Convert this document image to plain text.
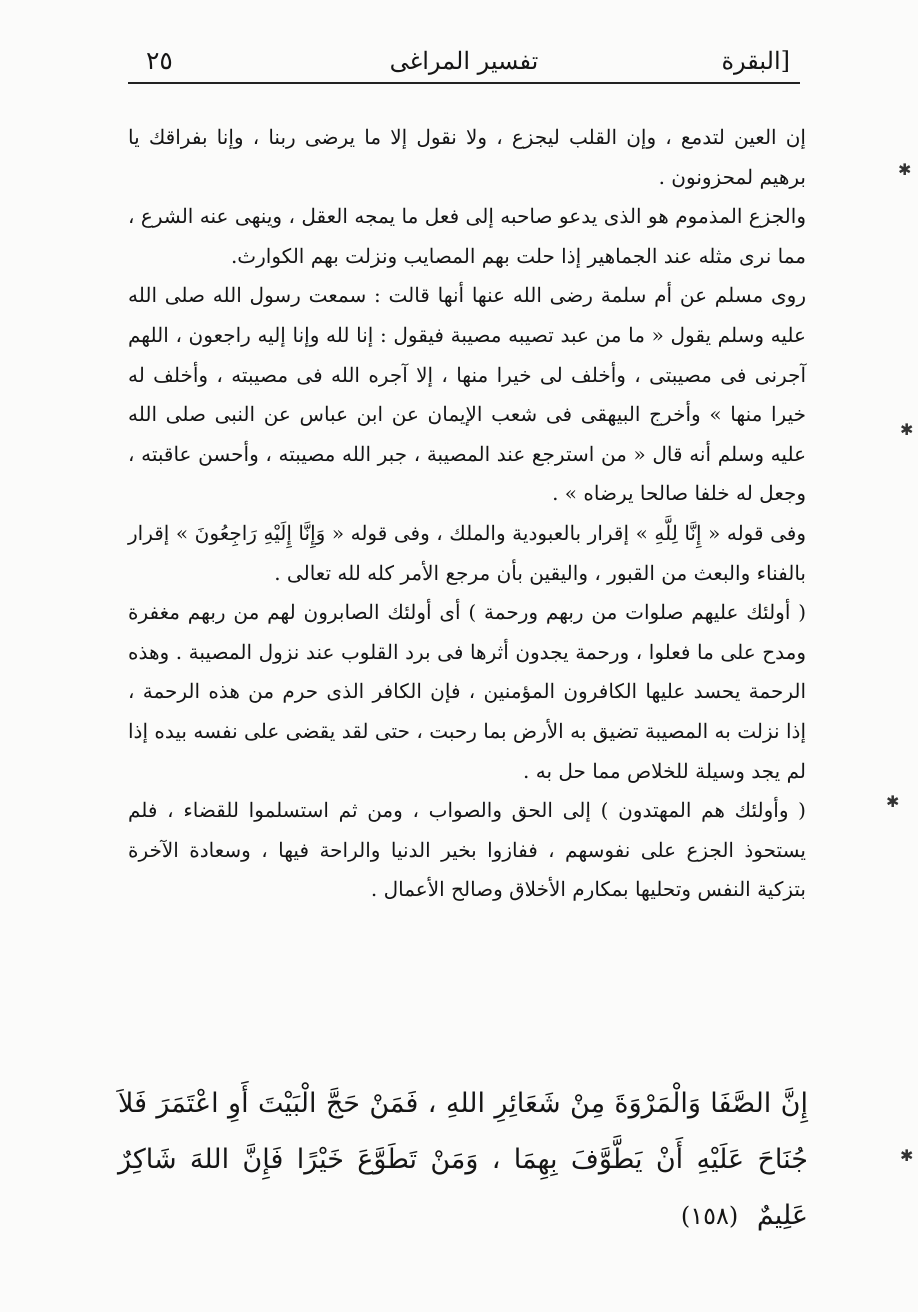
البقرة]
تفسير المراغى
٢٥

إن العين لتدمع ، وإن القلب ليجزع ، ولا نقول إلا ما يرضى ربنا ، وإنا بفراقك يا برهيم لمحزونون .

والجزع المذموم هو الذى يدعو صاحبه إلى فعل ما يمجه العقل ، وينهى عنه الشرع ، مما نرى مثله عند الجماهير إذا حلت بهم المصايب ونزلت بهم الكوارث.

روى مسلم عن أم سلمة رضى الله عنها أنها قالت : سمعت رسول الله صلى الله عليه وسلم يقول « ما من عبد تصيبه مصيبة فيقول : إنا لله وإنا إليه راجعون ، اللهم آجرنى فى مصيبتى ، وأخلف لى خيرا منها ، إلا آجره الله فى مصيبته ، وأخلف له خيرا منها » وأخرج البيهقى فى شعب الإيمان عن ابن عباس عن النبى صلى الله عليه وسلم أنه قال « من استرجع عند المصيبة ، جبر الله مصيبته ، وأحسن عاقبته ، وجعل له خلفا صالحا يرضاه » .

وفى قوله « إِنَّا لِلَّهِ » إقرار بالعبودية والملك ، وفى قوله « وَإِنَّا إِلَيْهِ رَاجِعُونَ » إقرار بالفناء والبعث من القبور ، واليقين بأن مرجع الأمر كله لله تعالى .

( أولئك عليهم صلوات من ربهم ورحمة ) أى أولئك الصابرون لهم من ربهم مغفرة ومدح على ما فعلوا ، ورحمة يجدون أثرها فى برد القلوب عند نزول المصيبة . وهذه الرحمة يحسد عليها الكافرون المؤمنين ، فإن الكافر الذى حرم من هذه الرحمة ، إذا نزلت به المصيبة تضيق به الأرض بما رحبت ، حتى لقد يقضى على نفسه بيده إذا لم يجد وسيلة للخلاص مما حل به .

( وأولئك هم المهتدون ) إلى الحق والصواب ، ومن ثم استسلموا للقضاء ، فلم يستحوذ الجزع على نفوسهم ، ففازوا بخير الدنيا والراحة فيها ، وسعادة الآخرة بتزكية النفس وتحليها بمكارم الأخلاق وصالح الأعمال .

إِنَّ الصَّفَا وَالْمَرْوَةَ مِنْ شَعَائِرِ اللهِ ، فَمَنْ حَجَّ الْبَيْتَ أَوِ اعْتَمَرَ فَلاَ جُنَاحَ عَلَيْهِ أَنْ يَطَّوَّفَ بِهِمَا ، وَمَنْ تَطَوَّعَ خَيْرًا فَإِنَّ اللهَ شَاكِرٌ عَلِيمٌ (١٥٨)

✱
✱
✱
✱
